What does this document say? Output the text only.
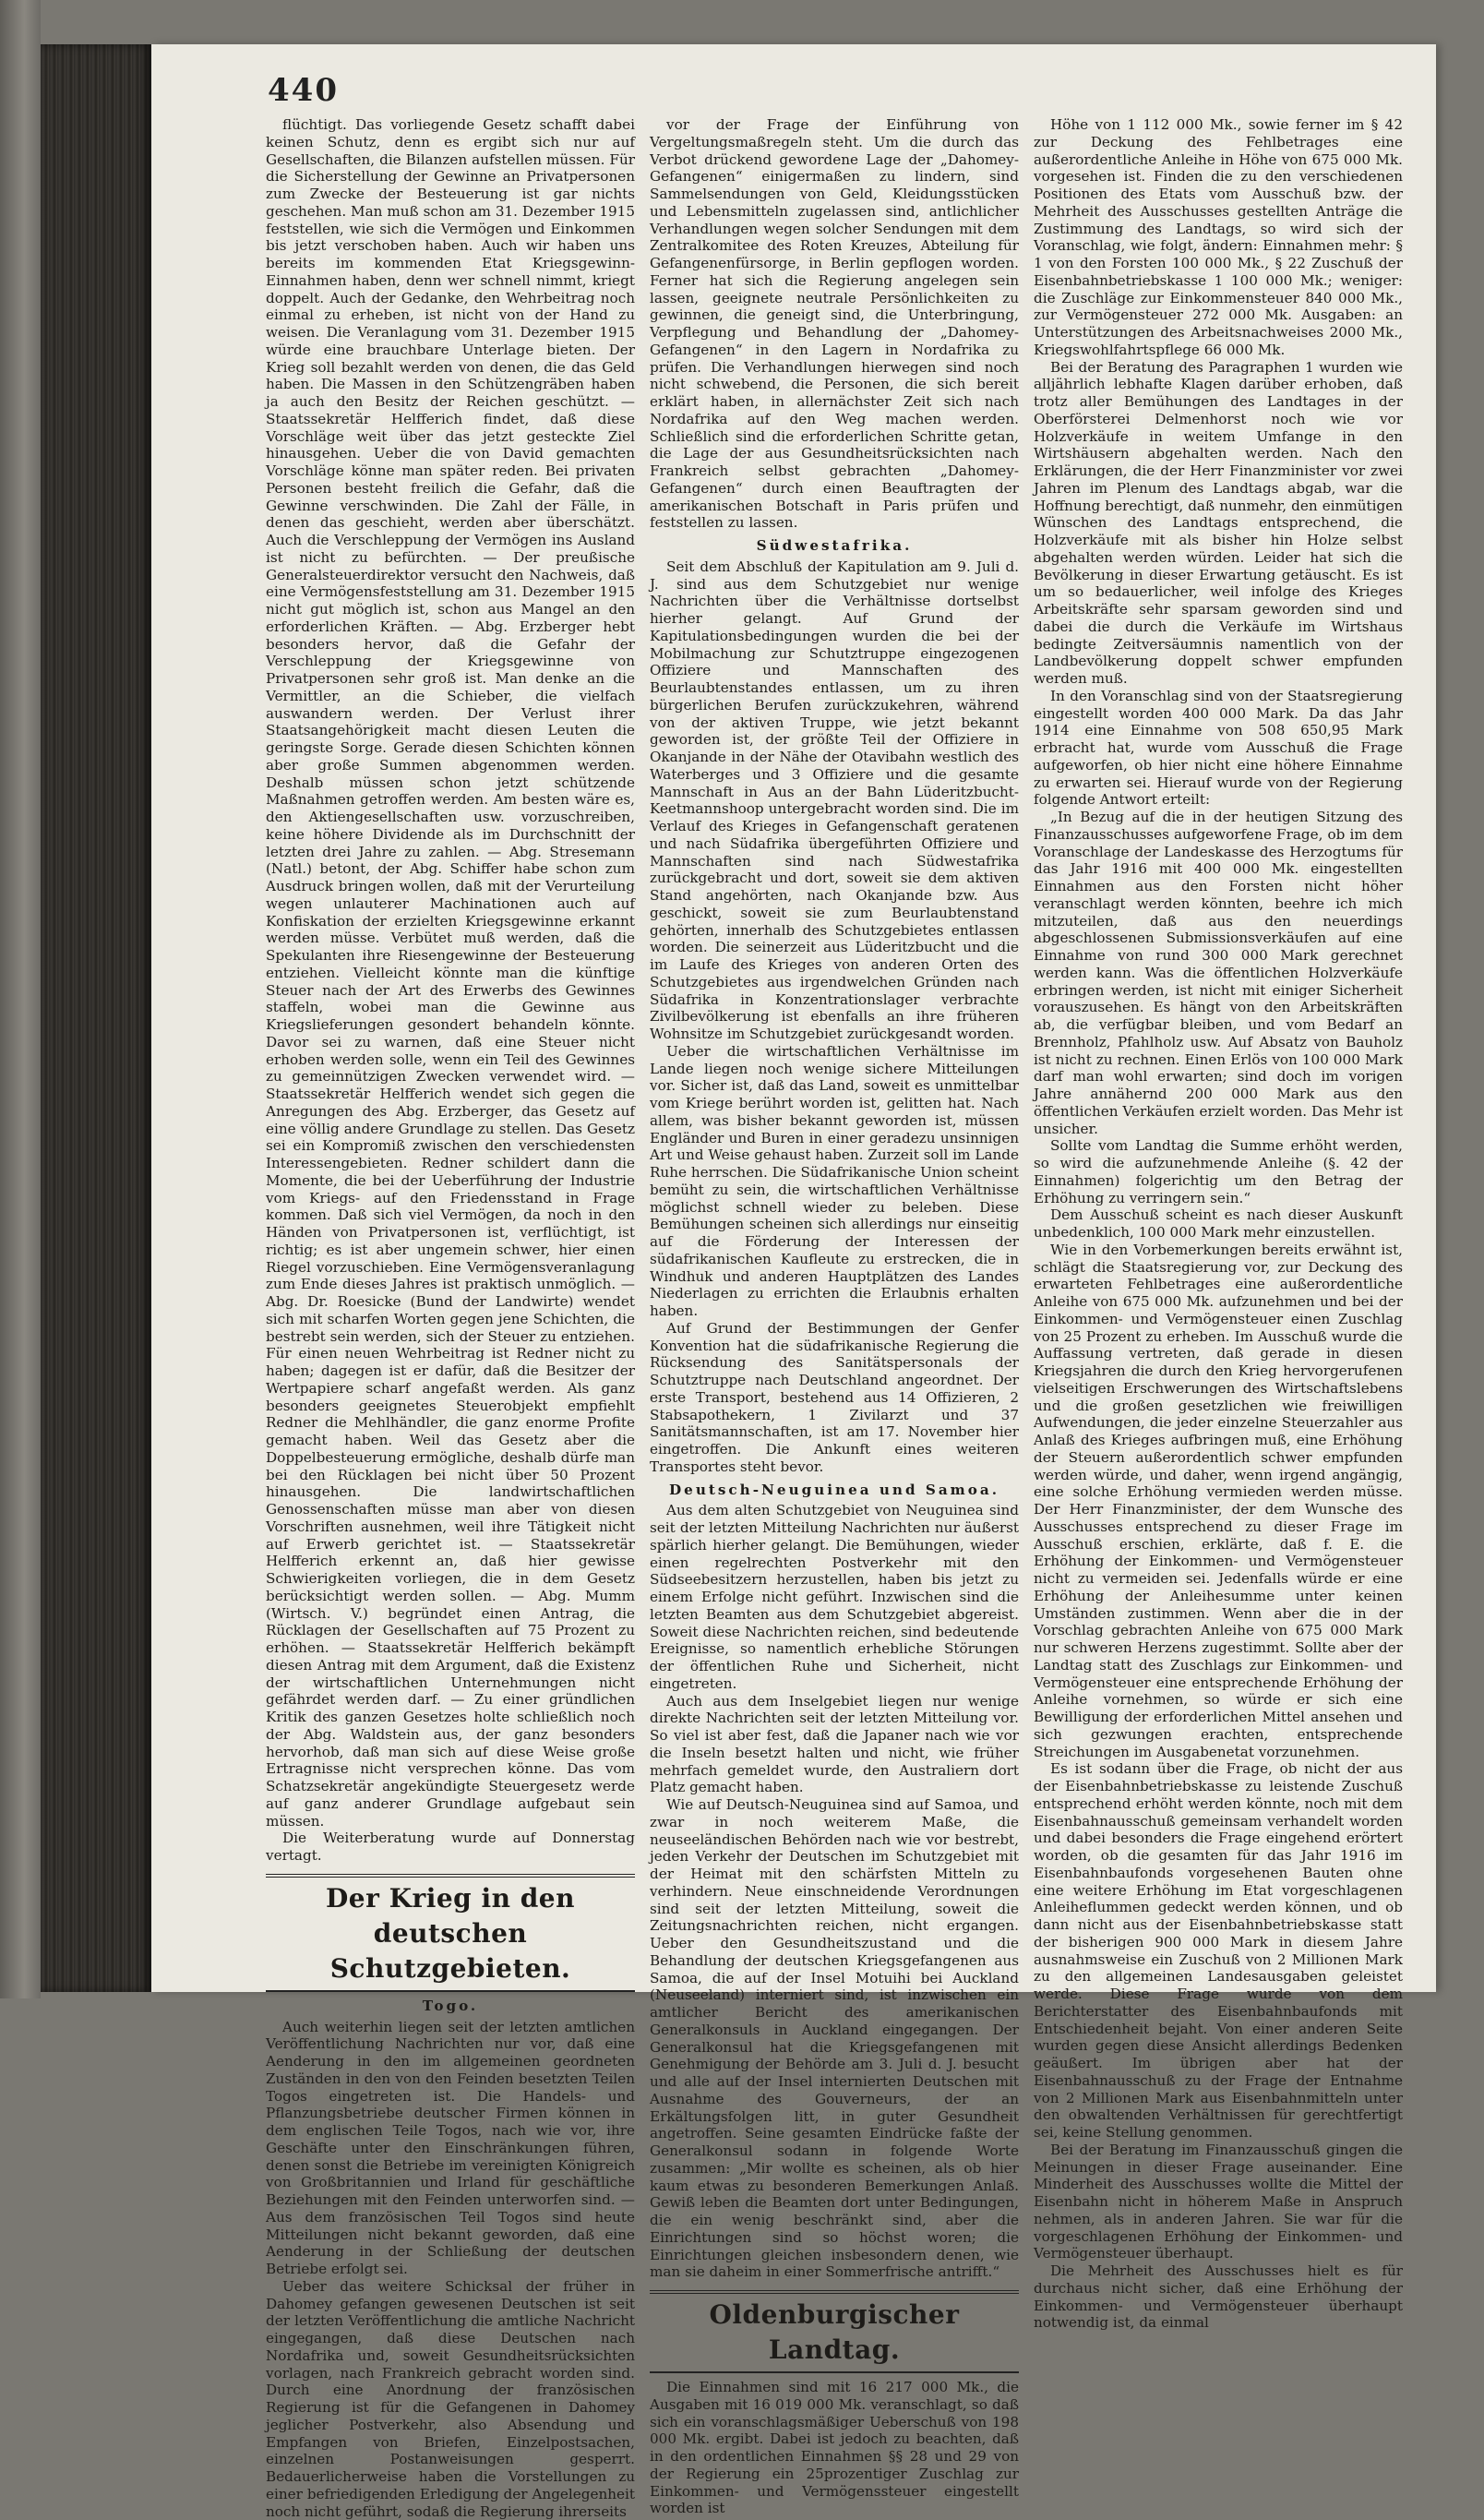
440

flüchtigt. Das vorliegende Gesetz schafft dabei keinen Schutz, denn es ergibt sich nur auf Gesellschaften, die Bilanzen aufstellen müssen. Für die Sicherstellung der Gewinne an Privatpersonen zum Zwecke der Besteuerung ist gar nichts geschehen. Man muß schon am 31. Dezember 1915 feststellen, wie sich die Vermögen und Einkommen bis jetzt verschoben haben. Auch wir haben uns bereits im kommenden Etat Kriegsgewinn-Einnahmen haben, denn wer schnell nimmt, kriegt doppelt. Auch der Gedanke, den Wehrbeitrag noch einmal zu erheben, ist nicht von der Hand zu weisen. Die Veranlagung vom 31. Dezember 1915 würde eine brauchbare Unterlage bieten. Der Krieg soll bezahlt werden von denen, die das Geld haben. Die Massen in den Schützengräben haben ja auch den Besitz der Reichen geschützt. — Staatssekretär Helfferich findet, daß diese Vorschläge weit über das jetzt gesteckte Ziel hinausgehen. Ueber die von David gemachten Vorschläge könne man später reden. Bei privaten Personen besteht freilich die Gefahr, daß die Gewinne verschwinden. Die Zahl der Fälle, in denen das geschieht, werden aber überschätzt. Auch die Verschleppung der Vermögen ins Ausland ist nicht zu befürchten. — Der preußische Generalsteuerdirektor versucht den Nachweis, daß eine Vermögensfeststellung am 31. Dezember 1915 nicht gut möglich ist, schon aus Mangel an den erforderlichen Kräften. — Abg. Erzberger hebt besonders hervor, daß die Gefahr der Verschleppung der Kriegsgewinne von Privatpersonen sehr groß ist. Man denke an die Vermittler, an die Schieber, die vielfach auswandern werden. Der Verlust ihrer Staatsangehörigkeit macht diesen Leuten die geringste Sorge. Gerade diesen Schichten können aber große Summen abgenommen werden. Deshalb müssen schon jetzt schützende Maßnahmen getroffen werden. Am besten wäre es, den Aktiengesellschaften usw. vorzuschreiben, keine höhere Dividende als im Durchschnitt der letzten drei Jahre zu zahlen. — Abg. Stresemann (Natl.) betont, der Abg. Schiffer habe schon zum Ausdruck bringen wollen, daß mit der Verurteilung wegen unlauterer Machinationen auch auf Konfiskation der erzielten Kriegsgewinne erkannt werden müsse. Verbütet muß werden, daß die Spekulanten ihre Riesengewinne der Besteuerung entziehen. Vielleicht könnte man die künftige Steuer nach der Art des Erwerbs des Gewinnes staffeln, wobei man die Gewinne aus Kriegslieferungen gesondert behandeln könnte. Davor sei zu warnen, daß eine Steuer nicht erhoben werden solle, wenn ein Teil des Gewinnes zu gemeinnützigen Zwecken verwendet wird. — Staatssekretär Helfferich wendet sich gegen die Anregungen des Abg. Erzberger, das Gesetz auf eine völlig andere Grundlage zu stellen. Das Gesetz sei ein Kompromiß zwischen den verschiedensten Interessengebieten. Redner schildert dann die Momente, die bei der Ueberführung der Industrie vom Kriegs- auf den Friedensstand in Frage kommen. Daß sich viel Vermögen, da noch in den Händen von Privatpersonen ist, verflüchtigt, ist richtig; es ist aber ungemein schwer, hier einen Riegel vorzuschieben. Eine Vermögensveranlagung zum Ende dieses Jahres ist praktisch unmöglich. — Abg. Dr. Roesicke (Bund der Landwirte) wendet sich mit scharfen Worten gegen jene Schichten, die bestrebt sein werden, sich der Steuer zu entziehen. Für einen neuen Wehrbeitrag ist Redner nicht zu haben; dagegen ist er dafür, daß die Besitzer der Wertpapiere scharf angefaßt werden. Als ganz besonders geeignetes Steuerobjekt empfiehlt Redner die Mehlhändler, die ganz enorme Profite gemacht haben. Weil das Gesetz aber die Doppelbesteuerung ermögliche, deshalb dürfe man bei den Rücklagen bei nicht über 50 Prozent hinausgehen. Die landwirtschaftlichen Genossenschaften müsse man aber von diesen Vorschriften ausnehmen, weil ihre Tätigkeit nicht auf Erwerb gerichtet ist. — Staatssekretär Helfferich erkennt an, daß hier gewisse Schwierigkeiten vorliegen, die in dem Gesetz berücksichtigt werden sollen. — Abg. Mumm (Wirtsch. V.) begründet einen Antrag, die Rücklagen der Gesellschaften auf 75 Prozent zu erhöhen. — Staatssekretär Helfferich bekämpft diesen Antrag mit dem Argument, daß die Existenz der wirtschaftlichen Unternehmungen nicht gefährdet werden darf. — Zu einer gründlichen Kritik des ganzen Gesetzes holte schließlich noch der Abg. Waldstein aus, der ganz besonders hervorhob, daß man sich auf diese Weise große Ertragnisse nicht versprechen könne. Das vom Schatzsekretär angekündigte Steuergesetz werde auf ganz anderer Grundlage aufgebaut sein müssen.

Die Weiterberatung wurde auf Donnerstag vertagt.

Der Krieg in den deutschen Schutzgebieten.
Togo.

Auch weiterhin liegen seit der letzten amtlichen Veröffentlichung Nachrichten nur vor, daß eine Aenderung in den im allgemeinen geordneten Zuständen in den von den Feinden besetzten Teilen Togos eingetreten ist. Die Handels- und Pflanzungsbetriebe deutscher Firmen können in dem englischen Teile Togos, nach wie vor, ihre Geschäfte unter den Einschränkungen führen, denen sonst die Betriebe im vereinigten Königreich von Großbritannien und Irland für geschäftliche Beziehungen mit den Feinden unterworfen sind. — Aus dem französischen Teil Togos sind heute Mitteilungen nicht bekannt geworden, daß eine Aenderung in der Schließung der deutschen Betriebe erfolgt sei.

Ueber das weitere Schicksal der früher in Dahomey gefangen gewesenen Deutschen ist seit der letzten Veröffentlichung die amtliche Nachricht eingegangen, daß diese Deutschen nach Nordafrika und, soweit Gesundheitsrücksichten vorlagen, nach Frankreich gebracht worden sind. Durch eine Anordnung der französischen Regierung ist für die Gefangenen in Dahomey jeglicher Postverkehr, also Absendung und Empfangen von Briefen, Einzelpostsachen, einzelnen Postanweisungen gesperrt. Bedauerlicherweise haben die Vorstellungen zu einer befriedigenden Erledigung der Angelegenheit noch nicht geführt, sodaß die Regierung ihrerseits

vor der Frage der Einführung von Vergeltungsmaßregeln steht. Um die durch das Verbot drückend gewordene Lage der „Dahomey-Gefangenen“ einigermaßen zu lindern, sind Sammelsendungen von Geld, Kleidungsstücken und Lebensmitteln zugelassen sind, antlichlicher Verhandlungen wegen solcher Sendungen mit dem Zentralkomitee des Roten Kreuzes, Abteilung für Gefangenenfürsorge, in Berlin gepflogen worden. Ferner hat sich die Regierung angelegen sein lassen, geeignete neutrale Persönlichkeiten zu gewinnen, die geneigt sind, die Unterbringung, Verpflegung und Behandlung der „Dahomey-Gefangenen“ in den Lagern in Nordafrika zu prüfen. Die Verhandlungen hierwegen sind noch nicht schwebend, die Personen, die sich bereit erklärt haben, in allernächster Zeit sich nach Nordafrika auf den Weg machen werden. Schließlich sind die erforderlichen Schritte getan, die Lage der aus Gesundheitsrücksichten nach Frankreich selbst gebrachten „Dahomey-Gefangenen“ durch einen Beauftragten der amerikanischen Botschaft in Paris prüfen und feststellen zu lassen.

Südwestafrika.

Seit dem Abschluß der Kapitulation am 9. Juli d. J. sind aus dem Schutzgebiet nur wenige Nachrichten über die Verhältnisse dortselbst hierher gelangt. Auf Grund der Kapitulationsbedingungen wurden die bei der Mobilmachung zur Schutztruppe eingezogenen Offiziere und Mannschaften des Beurlaubtenstandes entlassen, um zu ihren bürgerlichen Berufen zurückzukehren, während von der aktiven Truppe, wie jetzt bekannt geworden ist, der größte Teil der Offiziere in Okanjande in der Nähe der Otavibahn westlich des Waterberges und 3 Offiziere und die gesamte Mannschaft in Aus an der Bahn Lüderitzbucht-Keetmannshoop untergebracht worden sind. Die im Verlauf des Krieges in Gefangenschaft geratenen und nach Südafrika übergeführten Offiziere und Mannschaften sind nach Südwestafrika zurückgebracht und dort, soweit sie dem aktiven Stand angehörten, nach Okanjande bzw. Aus geschickt, soweit sie zum Beurlaubtenstand gehörten, innerhalb des Schutzgebietes entlassen worden. Die seinerzeit aus Lüderitzbucht und die im Laufe des Krieges von anderen Orten des Schutzgebietes aus irgendwelchen Gründen nach Südafrika in Konzentrationslager verbrachte Zivilbevölkerung ist ebenfalls an ihre früheren Wohnsitze im Schutzgebiet zurückgesandt worden.

Ueber die wirtschaftlichen Verhältnisse im Lande liegen noch wenige sichere Mitteilungen vor. Sicher ist, daß das Land, soweit es unmittelbar vom Kriege berührt worden ist, gelitten hat. Nach allem, was bisher bekannt geworden ist, müssen Engländer und Buren in einer geradezu unsinnigen Art und Weise gehaust haben. Zurzeit soll im Lande Ruhe herrschen. Die Südafrikanische Union scheint bemüht zu sein, die wirtschaftlichen Verhältnisse möglichst schnell wieder zu beleben. Diese Bemühungen scheinen sich allerdings nur einseitig auf die Förderung der Interessen der südafrikanischen Kaufleute zu erstrecken, die in Windhuk und anderen Hauptplätzen des Landes Niederlagen zu errichten die Erlaubnis erhalten haben.

Auf Grund der Bestimmungen der Genfer Konvention hat die südafrikanische Regierung die Rücksendung des Sanitätspersonals der Schutztruppe nach Deutschland angeordnet. Der erste Transport, bestehend aus 14 Offizieren, 2 Stabsapothekern, 1 Zivilarzt und 37 Sanitätsmannschaften, ist am 17. November hier eingetroffen. Die Ankunft eines weiteren Transportes steht bevor.

Deutsch-Neuguinea und Samoa.

Aus dem alten Schutzgebiet von Neuguinea sind seit der letzten Mitteilung Nachrichten nur äußerst spärlich hierher gelangt. Die Bemühungen, wieder einen regelrechten Postverkehr mit den Südseebesitzern herzustellen, haben bis jetzt zu einem Erfolge nicht geführt. Inzwischen sind die letzten Beamten aus dem Schutzgebiet abgereist. Soweit diese Nachrichten reichen, sind bedeutende Ereignisse, so namentlich erhebliche Störungen der öffentlichen Ruhe und Sicherheit, nicht eingetreten.

Auch aus dem Inselgebiet liegen nur wenige direkte Nachrichten seit der letzten Mitteilung vor. So viel ist aber fest, daß die Japaner nach wie vor die Inseln besetzt halten und nicht, wie früher mehrfach gemeldet wurde, den Australiern dort Platz gemacht haben.

Wie auf Deutsch-Neuguinea sind auf Samoa, und zwar in noch weiterem Maße, die neuseeländischen Behörden nach wie vor bestrebt, jeden Verkehr der Deutschen im Schutzgebiet mit der Heimat mit den schärfsten Mitteln zu verhindern. Neue einschneidende Verordnungen sind seit der letzten Mitteilung, soweit die Zeitungsnachrichten reichen, nicht ergangen. Ueber den Gesundheitszustand und die Behandlung der deutschen Kriegsgefangenen aus Samoa, die auf der Insel Motuihi bei Auckland (Neuseeland) interniert sind, ist inzwischen ein amtlicher Bericht des amerikanischen Generalkonsuls in Auckland eingegangen. Der Generalkonsul hat die Kriegsgefangenen mit Genehmigung der Behörde am 3. Juli d. J. besucht und alle auf der Insel internierten Deutschen mit Ausnahme des Gouverneurs, der an Erkältungsfolgen litt, in guter Gesundheit angetroffen. Seine gesamten Eindrücke faßte der Generalkonsul sodann in folgende Worte zusammen: „Mir wollte es scheinen, als ob hier kaum etwas zu besonderen Bemerkungen Anlaß. Gewiß leben die Beamten dort unter Bedingungen, die ein wenig beschränkt sind, aber die Einrichtungen sind so höchst woren; die Einrichtungen gleichen insbesondern denen, wie man sie daheim in einer Sommerfrische antrifft.“

Oldenburgischer Landtag.

Die Einnahmen sind mit 16 217 000 Mk., die Ausgaben mit 16 019 000 Mk. veranschlagt, so daß sich ein voranschlagsmäßiger Ueberschuß von 198 000 Mk. ergibt. Dabei ist jedoch zu beachten, daß in den ordentlichen Einnahmen §§ 28 und 29 von der Regierung ein 25prozentiger Zuschlag zur Einkommen- und Vermögenssteuer eingestellt worden ist

Höhe von 1 112 000 Mk., sowie ferner im § 42 zur Deckung des Fehlbetrages eine außerordentliche Anleihe in Höhe von 675 000 Mk. vorgesehen ist. Finden die zu den verschiedenen Positionen des Etats vom Ausschuß bzw. der Mehrheit des Ausschusses gestellten Anträge die Zustimmung des Landtags, so wird sich der Voranschlag, wie folgt, ändern: Einnahmen mehr: § 1 von den Forsten 100 000 Mk., § 22 Zuschuß der Eisenbahnbetriebskasse 1 100 000 Mk.; weniger: die Zuschläge zur Einkommensteuer 840 000 Mk., zur Vermögensteuer 272 000 Mk. Ausgaben: an Unterstützungen des Arbeitsnachweises 2000 Mk., Kriegswohlfahrtspflege 66 000 Mk.

Bei der Beratung des Paragraphen 1 wurden wie alljährlich lebhafte Klagen darüber erhoben, daß trotz aller Bemühungen des Landtages in der Oberförsterei Delmenhorst noch wie vor Holzverkäufe in weitem Umfange in den Wirtshäusern abgehalten werden. Nach den Erklärungen, die der Herr Finanzminister vor zwei Jahren im Plenum des Landtags abgab, war die Hoffnung berechtigt, daß nunmehr, den einmütigen Wünschen des Landtags entsprechend, die Holzverkäufe mit als bisher hin Holze selbst abgehalten werden würden. Leider hat sich die Bevölkerung in dieser Erwartung getäuscht. Es ist um so bedauerlicher, weil infolge des Krieges Arbeitskräfte sehr sparsam geworden sind und dabei die durch die Verkäufe im Wirtshaus bedingte Zeitversäumnis namentlich von der Landbevölkerung doppelt schwer empfunden werden muß.

In den Voranschlag sind von der Staatsregierung eingestellt worden 400 000 Mark. Da das Jahr 1914 eine Einnahme von 508 650,95 Mark erbracht hat, wurde vom Ausschuß die Frage aufgeworfen, ob hier nicht eine höhere Einnahme zu erwarten sei. Hierauf wurde von der Regierung folgende Antwort erteilt:

„In Bezug auf die in der heutigen Sitzung des Finanzausschusses aufgeworfene Frage, ob im dem Voranschlage der Landeskasse des Herzogtums für das Jahr 1916 mit 400 000 Mk. eingestellten Einnahmen aus den Forsten nicht höher veranschlagt werden könnten, beehre ich mich mitzuteilen, daß aus den neuerdings abgeschlossenen Submissionsverkäufen auf eine Einnahme von rund 300 000 Mark gerechnet werden kann. Was die öffentlichen Holzverkäufe erbringen werden, ist nicht mit einiger Sicherheit vorauszusehen. Es hängt von den Arbeitskräften ab, die verfügbar bleiben, und vom Bedarf an Brennholz, Pfahlholz usw. Auf Absatz von Bauholz ist nicht zu rechnen. Einen Erlös von 100 000 Mark darf man wohl erwarten; sind doch im vorigen Jahre annähernd 200 000 Mark aus den öffentlichen Verkäufen erzielt worden. Das Mehr ist unsicher.

Sollte vom Landtag die Summe erhöht werden, so wird die aufzunehmende Anleihe (§. 42 der Einnahmen) folgerichtig um den Betrag der Erhöhung zu verringern sein.“

Dem Ausschuß scheint es nach dieser Auskunft unbedenklich, 100 000 Mark mehr einzustellen.

Wie in den Vorbemerkungen bereits erwähnt ist, schlägt die Staatsregierung vor, zur Deckung des erwarteten Fehlbetrages eine außerordentliche Anleihe von 675 000 Mk. aufzunehmen und bei der Einkommen- und Vermögensteuer einen Zuschlag von 25 Prozent zu erheben. Im Ausschuß wurde die Auffassung vertreten, daß gerade in diesen Kriegsjahren die durch den Krieg hervorgerufenen vielseitigen Erschwerungen des Wirtschaftslebens und die großen gesetzlichen wie freiwilligen Aufwendungen, die jeder einzelne Steuerzahler aus Anlaß des Krieges aufbringen muß, eine Erhöhung der Steuern außerordentlich schwer empfunden werden würde, und daher, wenn irgend angängig, eine solche Erhöhung vermieden werden müsse. Der Herr Finanzminister, der dem Wunsche des Ausschusses entsprechend zu dieser Frage im Ausschuß erschien, erklärte, daß f. E. die Erhöhung der Einkommen- und Vermögensteuer nicht zu vermeiden sei. Jedenfalls würde er eine Erhöhung der Anleihesumme unter keinen Umständen zustimmen. Wenn aber die in der Vorschlag gebrachten Anleihe von 675 000 Mark nur schweren Herzens zugestimmt. Sollte aber der Landtag statt des Zuschlags zur Einkommen- und Vermögensteuer eine entsprechende Erhöhung der Anleihe vornehmen, so würde er sich eine Bewilligung der erforderlichen Mittel ansehen und sich gezwungen erachten, entsprechende Streichungen im Ausgabenetat vorzunehmen.

Es ist sodann über die Frage, ob nicht der aus der Eisenbahnbetriebskasse zu leistende Zuschuß entsprechend erhöht werden könnte, noch mit dem Eisenbahnausschuß gemeinsam verhandelt worden und dabei besonders die Frage eingehend erörtert worden, ob die gesamten für das Jahr 1916 im Eisenbahnbaufonds vorgesehenen Bauten ohne eine weitere Erhöhung im Etat vorgeschlagenen Anleiheflummen gedeckt werden können, und ob dann nicht aus der Eisenbahnbetriebskasse statt der bisherigen 900 000 Mark in diesem Jahre ausnahmsweise ein Zuschuß von 2 Millionen Mark zu den allgemeinen Landesausgaben geleistet werde. Diese Frage wurde von dem Berichterstatter des Eisenbahnbaufonds mit Entschiedenheit bejaht. Von einer anderen Seite wurden gegen diese Ansicht allerdings Bedenken geäußert. Im übrigen aber hat der Eisenbahnausschuß zu der Frage der Entnahme von 2 Millionen Mark aus Eisenbahnmitteln unter den obwaltenden Verhältnissen für gerechtfertigt sei, keine Stellung genommen.

Bei der Beratung im Finanzausschuß gingen die Meinungen in dieser Frage auseinander. Eine Minderheit des Ausschusses wollte die Mittel der Eisenbahn nicht in höherem Maße in Anspruch nehmen, als in anderen Jahren. Sie war für die vorgeschlagenen Erhöhung der Einkommen- und Vermögensteuer überhaupt.

Die Mehrheit des Ausschusses hielt es für durchaus nicht sicher, daß eine Erhöhung der Einkommen- und Vermögensteuer überhaupt notwendig ist, da einmal
